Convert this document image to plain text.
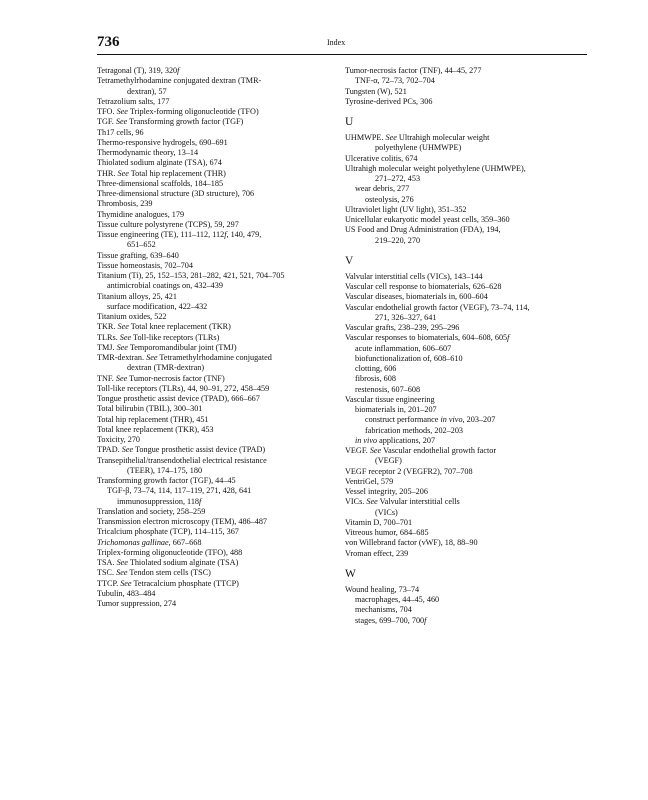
736	Index
Tetragonal (T), 319, 320f
Tetramethylrhodamine conjugated dextran (TMR-
dextran), 57
Tetrazolium salts, 177
TFO. See Triplex-forming oligonucleotide (TFO)
TGF. See Transforming growth factor (TGF)
Th17 cells, 96
Thermo-responsive hydrogels, 690–691
Thermodynamic theory, 13–14
Thiolated sodium alginate (TSA), 674
THR. See Total hip replacement (THR)
Three-dimensional scaffolds, 184–185
Three-dimensional structure (3D structure), 706
Thrombosis, 239
Thymidine analogues, 179
Tissue culture polystyrene (TCPS), 59, 297
Tissue engineering (TE), 111–112, 112f, 140, 479,
651–652
Tissue grafting, 639–640
Tissue homeostasis, 702–704
Titanium (Ti), 25, 152–153, 281–282, 421, 521, 704–705
antimicrobial coatings on, 432–439
Titanium alloys, 25, 421
surface modification, 422–432
Titanium oxides, 522
TKR. See Total knee replacement (TKR)
TLRs. See Toll-like receptors (TLRs)
TMJ. See Temporomandibular joint (TMJ)
TMR-dextran. See Tetramethylrhodamine conjugated
dextran (TMR-dextran)
TNF. See Tumor-necrosis factor (TNF)
Toll-like receptors (TLRs), 44, 90–91, 272, 458–459
Tongue prosthetic assist device (TPAD), 666–667
Total bilirubin (TBIL), 300–301
Total hip replacement (THR), 451
Total knee replacement (TKR), 453
Toxicity, 270
TPAD. See Tongue prosthetic assist device (TPAD)
Transepithelial/transendothelial electrical resistance
(TEER), 174–175, 180
Transforming growth factor (TGF), 44–45
TGF-β, 73–74, 114, 117–119, 271, 428, 641
immunosuppression, 118f
Translation and society, 258–259
Transmission electron microscopy (TEM), 486–487
Tricalcium phosphate (TCP), 114–115, 367
Trichomonas gallinae, 667–668
Triplex-forming oligonucleotide (TFO), 488
TSA. See Thiolated sodium alginate (TSA)
TSC. See Tendon stem cells (TSC)
TTCP. See Tetracalcium phosphate (TTCP)
Tubulin, 483–484
Tumor suppression, 274
Tumor-necrosis factor (TNF), 44–45, 277
TNF-α, 72–73, 702–704
Tungsten (W), 521
Tyrosine-derived PCs, 306
U
UHMWPE. See Ultrahigh molecular weight
polyethylene (UHMWPE)
Ulcerative colitis, 674
Ultrahigh molecular weight polyethylene (UHMWPE),
271–272, 453
wear debris, 277
osteolysis, 276
Ultraviolet light (UV light), 351–352
Unicellular eukaryotic model yeast cells, 359–360
US Food and Drug Administration (FDA), 194,
219–220, 270
V
Valvular interstitial cells (VICs), 143–144
Vascular cell response to biomaterials, 626–628
Vascular diseases, biomaterials in, 600–604
Vascular endothelial growth factor (VEGF), 73–74, 114,
271, 326–327, 641
Vascular grafts, 238–239, 295–296
Vascular responses to biomaterials, 604–608, 605f
acute inflammation, 606–607
biofunctionalization of, 608–610
clotting, 606
fibrosis, 608
restenosis, 607–608
Vascular tissue engineering
biomaterials in, 201–207
construct performance in vivo, 203–207
fabrication methods, 202–203
in vivo applications, 207
VEGF. See Vascular endothelial growth factor
(VEGF)
VEGF receptor 2 (VEGFR2), 707–708
VentriGel, 579
Vessel integrity, 205–206
VICs. See Valvular interstitial cells
(VICs)
Vitamin D, 700–701
Vitreous humor, 684–685
von Willebrand factor (vWF), 18, 88–90
Vroman effect, 239
W
Wound healing, 73–74
macrophages, 44–45, 460
mechanisms, 704
stages, 699–700, 700f
